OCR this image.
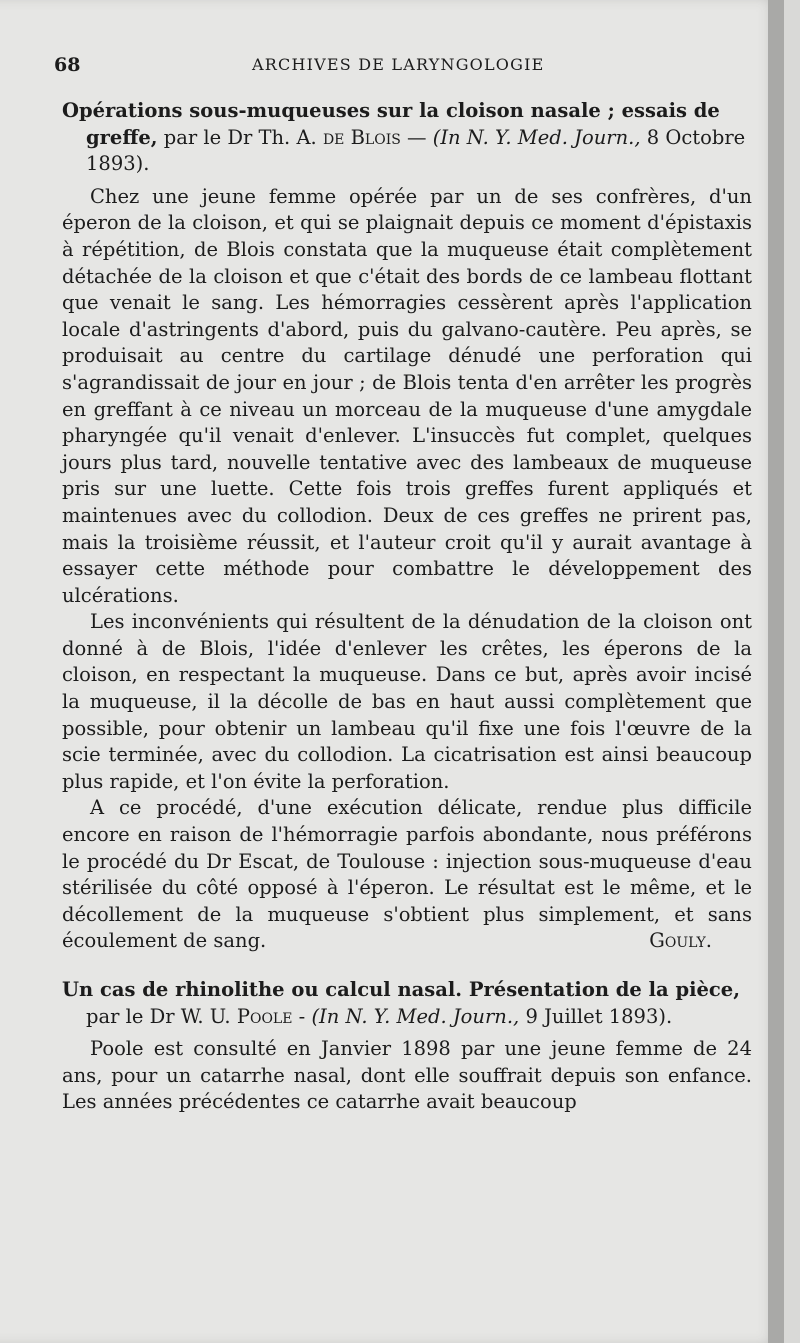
68	ARCHIVES DE LARYNGOLOGIE
Opérations sous-muqueuses sur la cloison nasale ; essais de greffe, par le Dr Th. A. de Blois — (In N. Y. Med. Journ., 8 Octobre 1893).

Chez une jeune femme opérée par un de ses confrères, d'un éperon de la cloison, et qui se plaignait depuis ce moment d'épistaxis à répétition, de Blois constata que la muqueuse était complètement détachée de la cloison et que c'était des bords de ce lambeau flottant que venait le sang. Les hémorragies cessèrent après l'application locale d'astringents d'abord, puis du galvano-cautère. Peu après, se produisait au centre du cartilage dénudé une perforation qui s'agrandissait de jour en jour ; de Blois tenta d'en arrêter les progrès en greffant à ce niveau un morceau de la muqueuse d'une amygdale pharyngée qu'il venait d'enlever. L'insuccès fut complet, quelques jours plus tard, nouvelle tentative avec des lambeaux de muqueuse pris sur une luette. Cette fois trois greffes furent appliqués et maintenues avec du collodion. Deux de ces greffes ne prirent pas, mais la troisième réussit, et l'auteur croit qu'il y aurait avantage à essayer cette méthode pour combattre le développement des ulcérations.

Les inconvénients qui résultent de la dénudation de la cloison ont donné à de Blois, l'idée d'enlever les crêtes, les éperons de la cloison, en respectant la muqueuse. Dans ce but, après avoir incisé la muqueuse, il la décolle de bas en haut aussi complètement que possible, pour obtenir un lambeau qu'il fixe une fois l'œuvre de la scie terminée, avec du collodion. La cicatrisation est ainsi beaucoup plus rapide, et l'on évite la perforation.

A ce procédé, d'une exécution délicate, rendue plus difficile encore en raison de l'hémorragie parfois abondante, nous préférons le procédé du Dr Escat, de Toulouse : injection sous-muqueuse d'eau stérilisée du côté opposé à l'éperon. Le résultat est le même, et le décollement de la muqueuse s'obtient plus simplement, et sans écoulement de sang.	Gouly.

Un cas de rhinolithe ou calcul nasal. Présentation de la pièce, par le Dr W. U. Poole - (In N. Y. Med. Journ., 9 Juillet 1893).

Poole est consulté en Janvier 1898 par une jeune femme de 24 ans, pour un catarrhe nasal, dont elle souffrait depuis son enfance. Les années précédentes ce catarrhe avait beaucoup
